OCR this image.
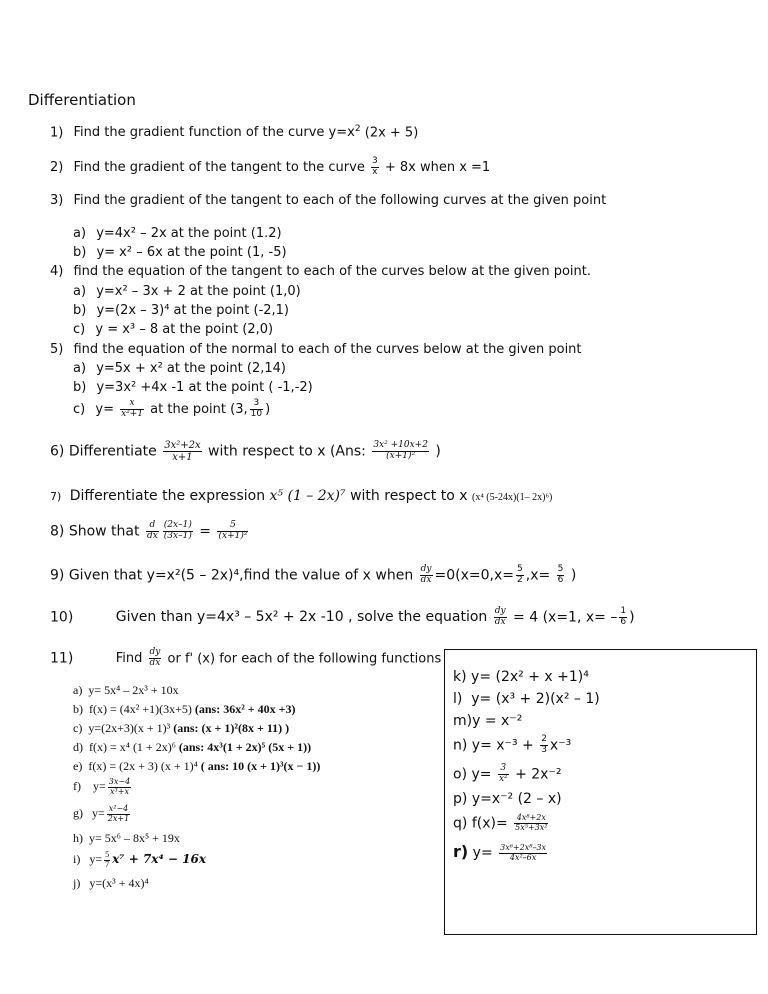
Differentiation
1) Find the gradient function of the curve $y=x^2$ (2x + 5)
2) Find the gradient of the tangent to the curve $\frac{3}{x} + 8x$ when x =1
3) Find the gradient of the tangent to each of the following curves at the given point
a) y=4x² – 2x at the point (1.2)
b) y= x² – 6x at the point (1, -5)
4) find the equation of the tangent to each of the curves below at the given point.
a) y=x² – 3x + 2 at the point (1,0)
b) y=(2x – 3)⁴ at the point (-2,1)
c) y = x³ – 8 at the point (2,0)
5) find the equation of the normal to each of the curves below at the given point
a) y=5x + x² at the point (2,14)
b) y=3x² +4x -1 at the point ( -1,-2)
c) $y= \frac{x}{\text{x²+1}}$ at the point (3, $\frac{3}{10}$ )
6) Differentiate $\frac{\text{3x²+2x}}{x+1}$ with respect to x (Ans: $\frac{\text{3x² +10x+2}}{\text{(x+1)²}}$ )
7) Differentiate the expression x⁵ (1 – 2x)⁷ with respect to x (x⁴ (5-24x)(1– 2x)⁶)
8) Show that $\frac{d}{dx} \frac{(2x-1)}{(3x-1)} = \frac{5}{\text{(x+1)²}}$
9) Given that y=x²(5 – 2x)⁴,find the value of x when $\frac{dy}{dx} =0(x=0,x= \frac{5}{2} ,x= \frac{5}{6}$ )
10)	Given than y=4x³ – 5x² + 2x -10 , solve the equation $\frac{dy}{dx} = 4$ (x=1, $x= - \frac{1}{6}$ )
11)	Find $\frac{dy}{dx}$ or f' (x) for each of the following functions
a) y= 5x⁴ – 2x³ + 10x
b) f(x) = (4x² +1)(3x+5) (ans: 36x² + 40x +3)
c) y=(2x+3)(x + 1)³ (ans: (x + 1)²(8x + 11) )
d) f(x) = x⁴ (1 + 2x)⁶ (ans: 4x³(1 + 2x)⁵ (5x + 1))
e) f(x) = (2x + 3) (x + 1)⁴ ( ans: 10 (x + 1)³(x − 1))
f) $y= \frac{3x-4}{\text{x³+x}}$
g) $y= \frac{\text{x²−4}}{2x+1}$
h) y= 5x⁶ – 8x⁵ + 19x
i) $y= \frac{5}{7} x^7 + 7x^4 - 16x$
j) y=(x³ + 4x)⁴
k) y= (2x² + x +1)⁴
l) y= (x³ + 2)(x² – 1)
m)y = x⁻²
n) $y= x^{-3} + \frac{2}{3} x^{-3}$
o) $y= \frac{3}{\text{x²}} + 2x^{-2}$
p) y=x⁻² (2 – x)
q) $f(x)= \frac{\text{4x⁸+2x}}{\text{5x⁵+3x²}}$
r) $y= \frac{\text{3x⁶+2x⁸–3x}}{\text{4x²–6x}}$
